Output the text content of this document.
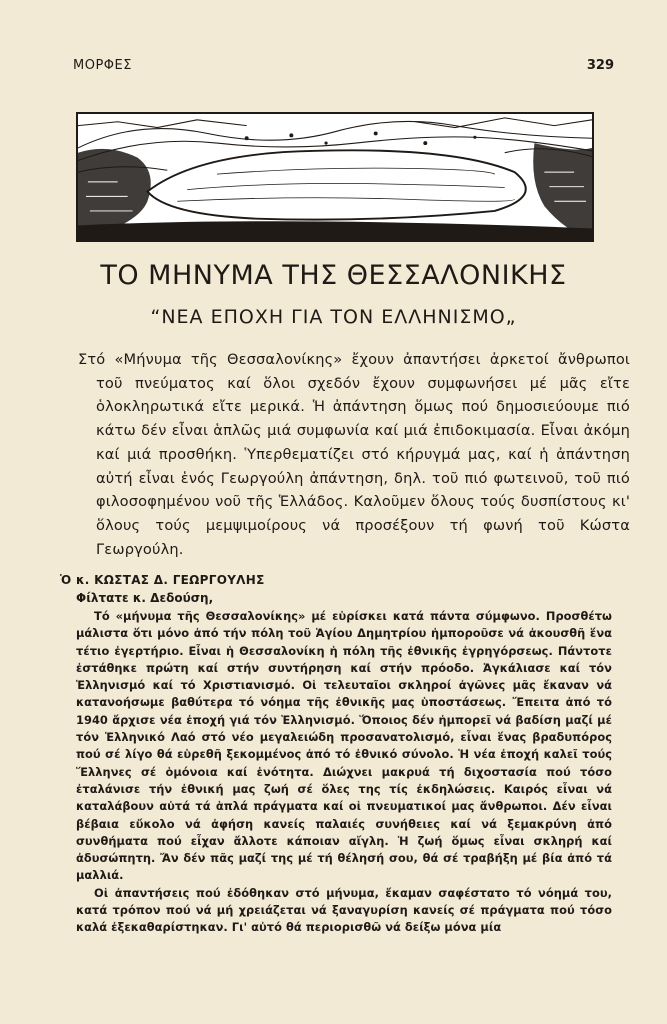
ΜΟΡΦΕΣ	329
ΤΟ ΜΗΝΥΜΑ ΤΗΣ ΘΕΣΣΑΛΟΝΙΚΗΣ
“ΝΕΑ ΕΠΟΧΗ ΓΙΑ ΤΟΝ ΕΛΛΗΝΙΣΜΟ„
Στό «Μήνυμα τῆς Θεσσαλονίκης» ἔχουν ἀπαντήσει ἀρκετοί ἄνθρωποι τοῦ πνεύματος καί ὅλοι σχεδόν ἔχουν συμφωνήσει μέ μᾶς εἴτε ὁλοκληρωτικά εἴτε μερικά. Ἡ ἀπάντηση ὅμως πού δημοσιεύουμε πιό κάτω δέν εἶναι ἁπλῶς μιά συμφωνία καί μιά ἐπιδοκιμασία. Εἶναι ἀκόμη καί μιά προσθήκη. Ὑπερθεματίζει στό κήρυγμά μας, καί ἡ ἀπάντηση αὐτή εἶναι ἑνός Γεωργούλη ἀπάντηση, δηλ. τοῦ πιό φωτεινοῦ, τοῦ πιό φιλοσοφημένου νοῦ τῆς Ἑλλάδος. Καλοῦμεν ὅλους τούς δυσπίστους κι' ὅλους τούς μεμψιμοίρους νά προσέξουν τή φωνή τοῦ Κώστα Γεωργούλη.
Ὁ κ. ΚΩΣΤΑΣ Δ. ΓΕΩΡΓΟΥΛΗΣ
Φίλτατε κ. Δεδούση,

Τό «μήνυμα τῆς Θεσσαλονίκης» μέ εὑρίσκει κατά πάντα σύμφωνο. Προσθέτω μάλιστα ὅτι μόνο ἀπό τήν πόλη τοῦ Ἁγίου Δημητρίου ἠμποροῦσε νά ἀκουσθῆ ἕνα τέτιο ἐγερτήριο. Εἶναι ἡ Θεσσαλονίκη ἡ πόλη τῆς ἐθνικῆς ἐγρηγόρσεως. Πάντοτε ἐστάθηκε πρώτη καί στήν συντήρηση καί στήν πρόοδο. Ἀγκάλιασε καί τόν Ἑλληνισμό καί τό Χριστιανισμό. Οἱ τελευταῖοι σκληροί ἀγῶνες μᾶς ἔκαναν νά κατανοήσωμε βαθύτερα τό νόημα τῆς ἐθνικῆς μας ὑποστάσεως. Ἔπειτα ἀπό τό 1940 ἄρχισε νέα ἐποχή γιά τόν Ἑλληνισμό. Ὅποιος δέν ἠμπορεῖ νά βαδίση μαζί μέ τόν Ἑλληνικό Λαό στό νέο μεγαλειώδη προσανατολισμό, εἶναι ἕνας βραδυπόρος πού σέ λίγο θά εὑρεθῆ ξεκομμένος ἀπό τό ἐθνικό σύνολο. Ἡ νέα ἐποχή καλεῖ τούς Ἕλληνες σέ ὁμόνοια καί ἑνότητα. Διώχνει μακρυά τή διχοστασία πού τόσο ἐταλάνισε τήν ἐθνική μας ζωή σέ ὅλες της τίς ἐκδηλώσεις. Καιρός εἶναι νά καταλάβουν αὐτά τά ἁπλά πράγματα καί οἱ πνευματικοί μας ἄνθρωποι. Δέν εἶναι βέβαια εὔκολο νά ἀφήση κανείς παλαιές συνήθειες καί νά ξεμακρύνη ἀπό συνθήματα πού εἶχαν ἄλλοτε κάποιαν αἴγλη. Ἡ ζωή ὅμως εἶναι σκληρή καί ἀδυσώπητη. Ἄν δέν πᾶς μαζί της μέ τή θέλησή σου, θά σέ τραβήξη μέ βία ἀπό τά μαλλιά.

Οἱ ἀπαντήσεις πού ἐδόθηκαν στό μήνυμα, ἔκαμαν σαφέστατο τό νόημά του, κατά τρόπον πού νά μή χρειάζεται νά ξαναγυρίση κανείς σέ πράγματα πού τόσο καλά ἐξεκαθαρίστηκαν. Γι' αὐτό θά περιορισθῶ νά δείξω μόνα μία
